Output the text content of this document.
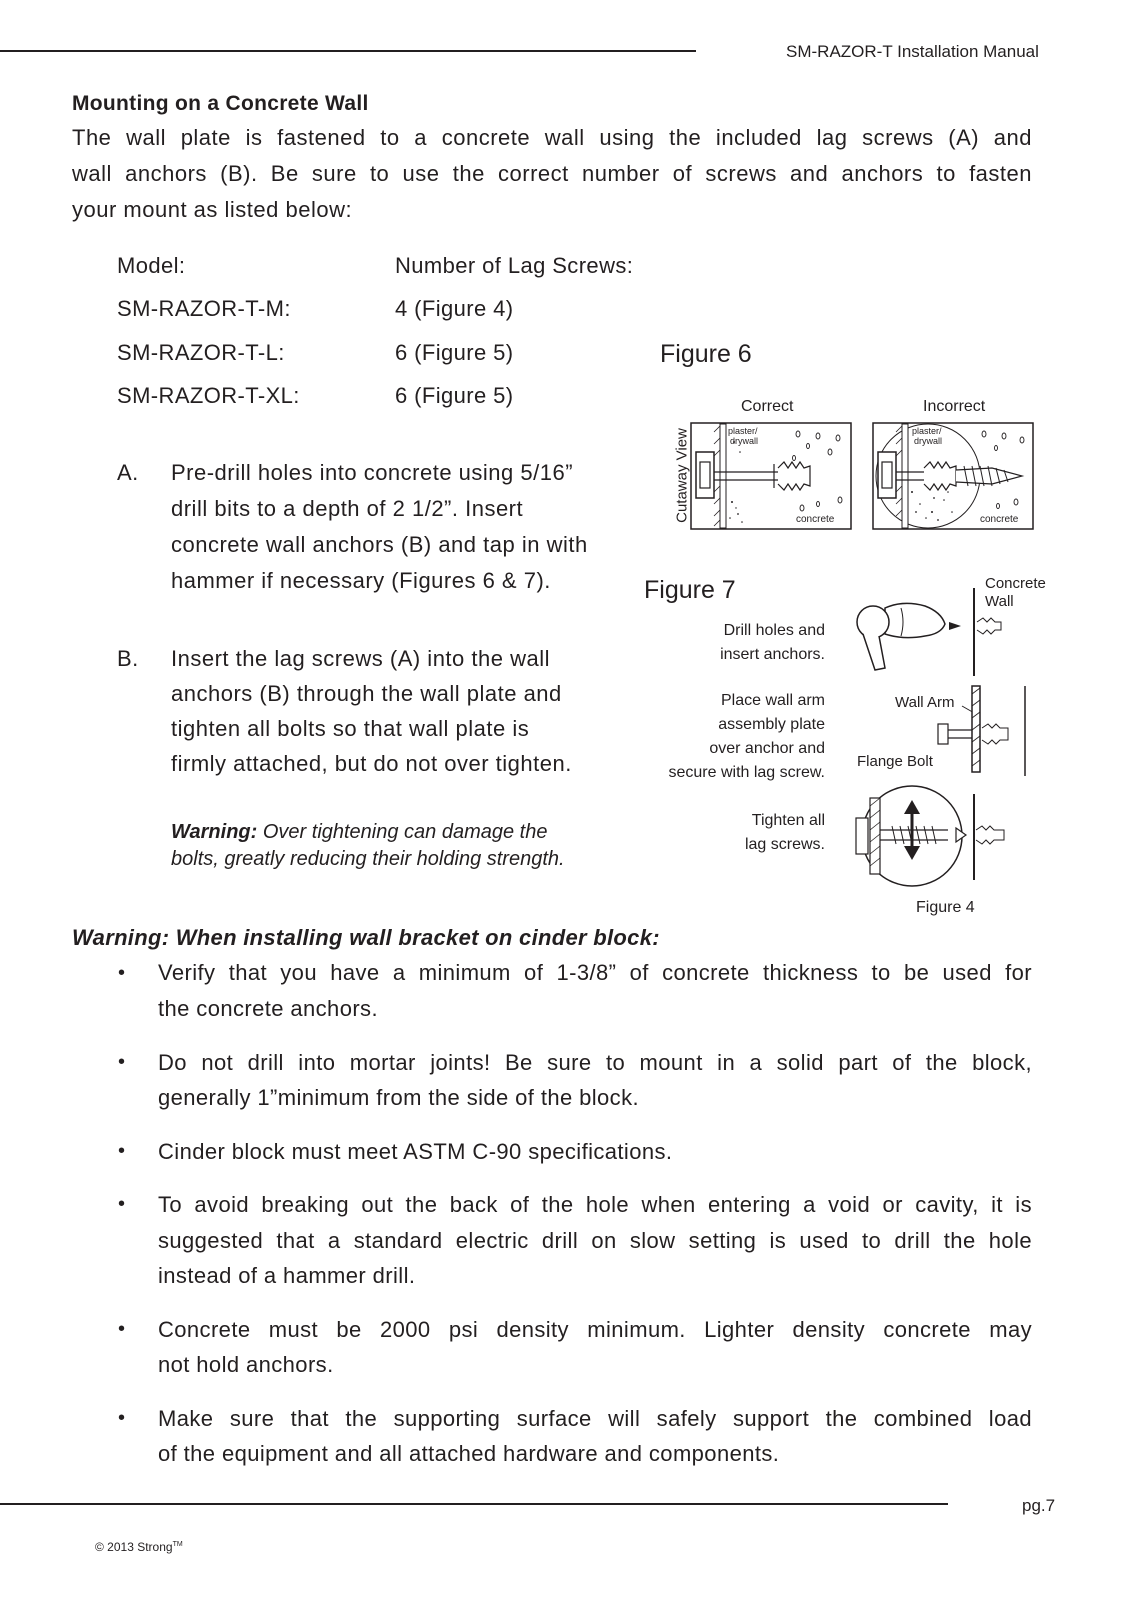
SM-RAZOR-T Installation Manual
Mounting on a Concrete Wall
The wall plate is fastened to a concrete wall using the included lag screws (A) and
wall anchors (B). Be sure to use the correct number of screws and anchors to fasten
your mount as listed below:
Model:	Number of Lag Screws:
SM-RAZOR-T-M:	4 (Figure 4)
SM-RAZOR-T-L:	6 (Figure 5)
SM-RAZOR-T-XL:	6 (Figure 5)
A. Pre-drill holes into concrete using 5/16”
drill bits to a depth of 2 1/2”. Insert
concrete wall anchors (B) and tap in with
hammer if necessary (Figures 6 & 7).
B. Insert the lag screws (A) into the wall
anchors (B) through the wall plate and
tighten all bolts so that wall plate is
firmly attached, but do not over tighten.
Warning: Over tightening can damage the
bolts, greatly reducing their holding strength.
Figure 6
Correct	Incorrect
Cutaway View	plaster/
drywall
concrete
plaster/
drywall
concrete
Figure 7	Concrete
Wall
Drill holes and
insert anchors.
Place wall arm
assembly plate
over anchor and
secure with lag screw.
Tighten all
lag screws.
Wall Arm
Flange Bolt
Figure 4
Warning: When installing wall bracket on cinder block:
• Verify that you have a minimum of 1-3/8” of concrete thickness to be used for
the concrete anchors.
• Do not drill into mortar joints! Be sure to mount in a solid part of the block,
generally 1”minimum from the side of the block.
• Cinder block must meet ASTM C-90 specifications.
• To avoid breaking out the back of the hole when entering a void or cavity, it is
suggested that a standard electric drill on slow setting is used to drill the hole
instead of a hammer drill.
• Concrete must be 2000 psi density minimum. Lighter density concrete may
not hold anchors.
• Make sure that the supporting surface will safely support the combined load
of the equipment and all attached hardware and components.
pg.7
© 2013 Strong™
